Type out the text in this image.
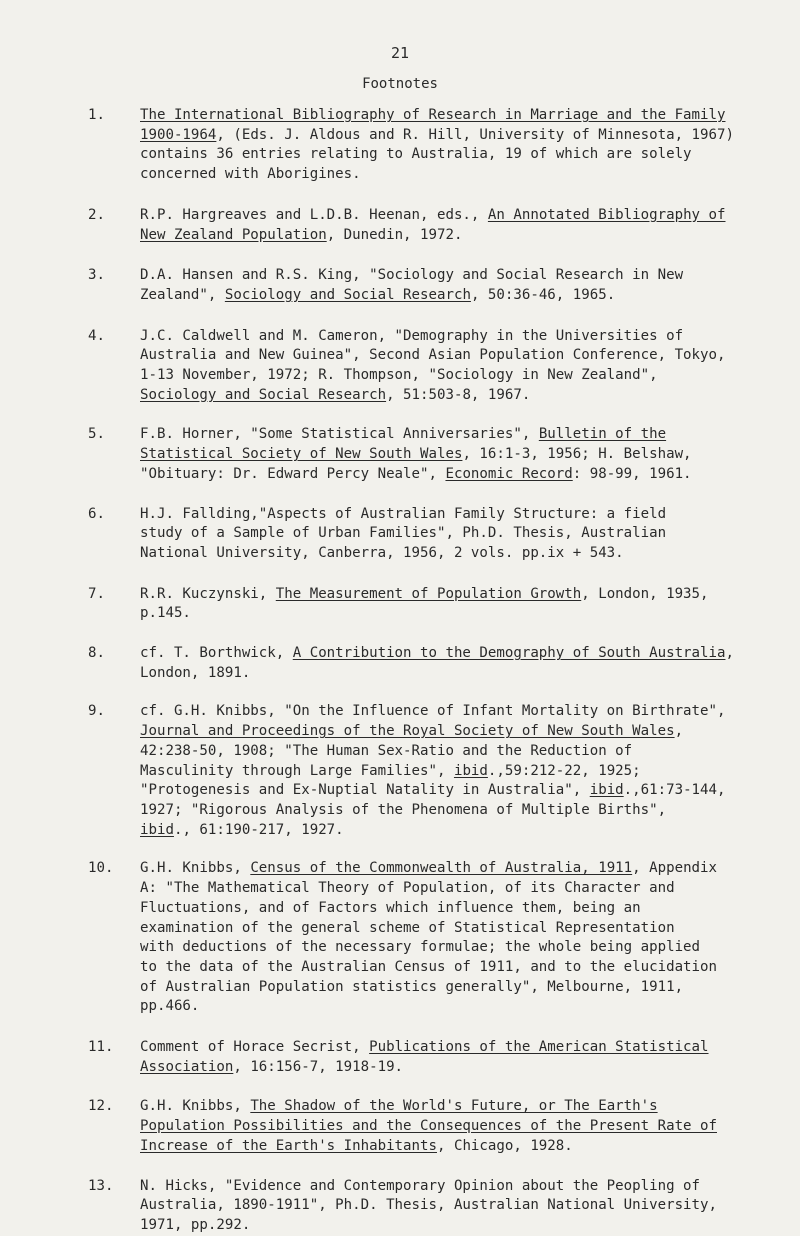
21
Footnotes
1. The International Bibliography of Research in Marriage and the Family
1900-1964, (Eds. J. Aldous and R. Hill, University of Minnesota, 1967)
contains 36 entries relating to Australia, 19 of which are solely
concerned with Aborigines.
2. R.P. Hargreaves and L.D.B. Heenan, eds., An Annotated Bibliography of
New Zealand Population, Dunedin, 1972.
3. D.A. Hansen and R.S. King, "Sociology and Social Research in New
Zealand", Sociology and Social Research, 50:36-46, 1965.
4. J.C. Caldwell and M. Cameron, "Demography in the Universities of
Australia and New Guinea", Second Asian Population Conference, Tokyo,
1-13 November, 1972; R. Thompson, "Sociology in New Zealand",
Sociology and Social Research, 51:503-8, 1967.
5. F.B. Horner, "Some Statistical Anniversaries", Bulletin of the
Statistical Society of New South Wales, 16:1-3, 1956; H. Belshaw,
"Obituary: Dr. Edward Percy Neale", Economic Record: 98-99, 1961.
6. H.J. Fallding,"Aspects of Australian Family Structure: a field
study of a Sample of Urban Families", Ph.D. Thesis, Australian
National University, Canberra, 1956, 2 vols. pp.ix + 543.
7. R.R. Kuczynski, The Measurement of Population Growth, London, 1935,
p.145.
8. cf. T. Borthwick, A Contribution to the Demography of South Australia,
London, 1891.
9. cf. G.H. Knibbs, "On the Influence of Infant Mortality on Birthrate",
Journal and Proceedings of the Royal Society of New South Wales,
42:238-50, 1908; "The Human Sex-Ratio and the Reduction of
Masculinity through Large Families", ibid.,59:212-22, 1925;
"Protogenesis and Ex-Nuptial Natality in Australia", ibid.,61:73-144,
1927; "Rigorous Analysis of the Phenomena of Multiple Births",
ibid., 61:190-217, 1927.
10. G.H. Knibbs, Census of the Commonwealth of Australia, 1911, Appendix
A: "The Mathematical Theory of Population, of its Character and
Fluctuations, and of Factors which influence them, being an
examination of the general scheme of Statistical Representation
with deductions of the necessary formulae; the whole being applied
to the data of the Australian Census of 1911, and to the elucidation
of Australian Population statistics generally", Melbourne, 1911,
pp.466.
11. Comment of Horace Secrist, Publications of the American Statistical
Association, 16:156-7, 1918-19.
12. G.H. Knibbs, The Shadow of the World's Future, or The Earth's
Population Possibilities and the Consequences of the Present Rate of
Increase of the Earth's Inhabitants, Chicago, 1928.
13. N. Hicks, "Evidence and Contemporary Opinion about the Peopling of
Australia, 1890-1911", Ph.D. Thesis, Australian National University,
1971, pp.292.
